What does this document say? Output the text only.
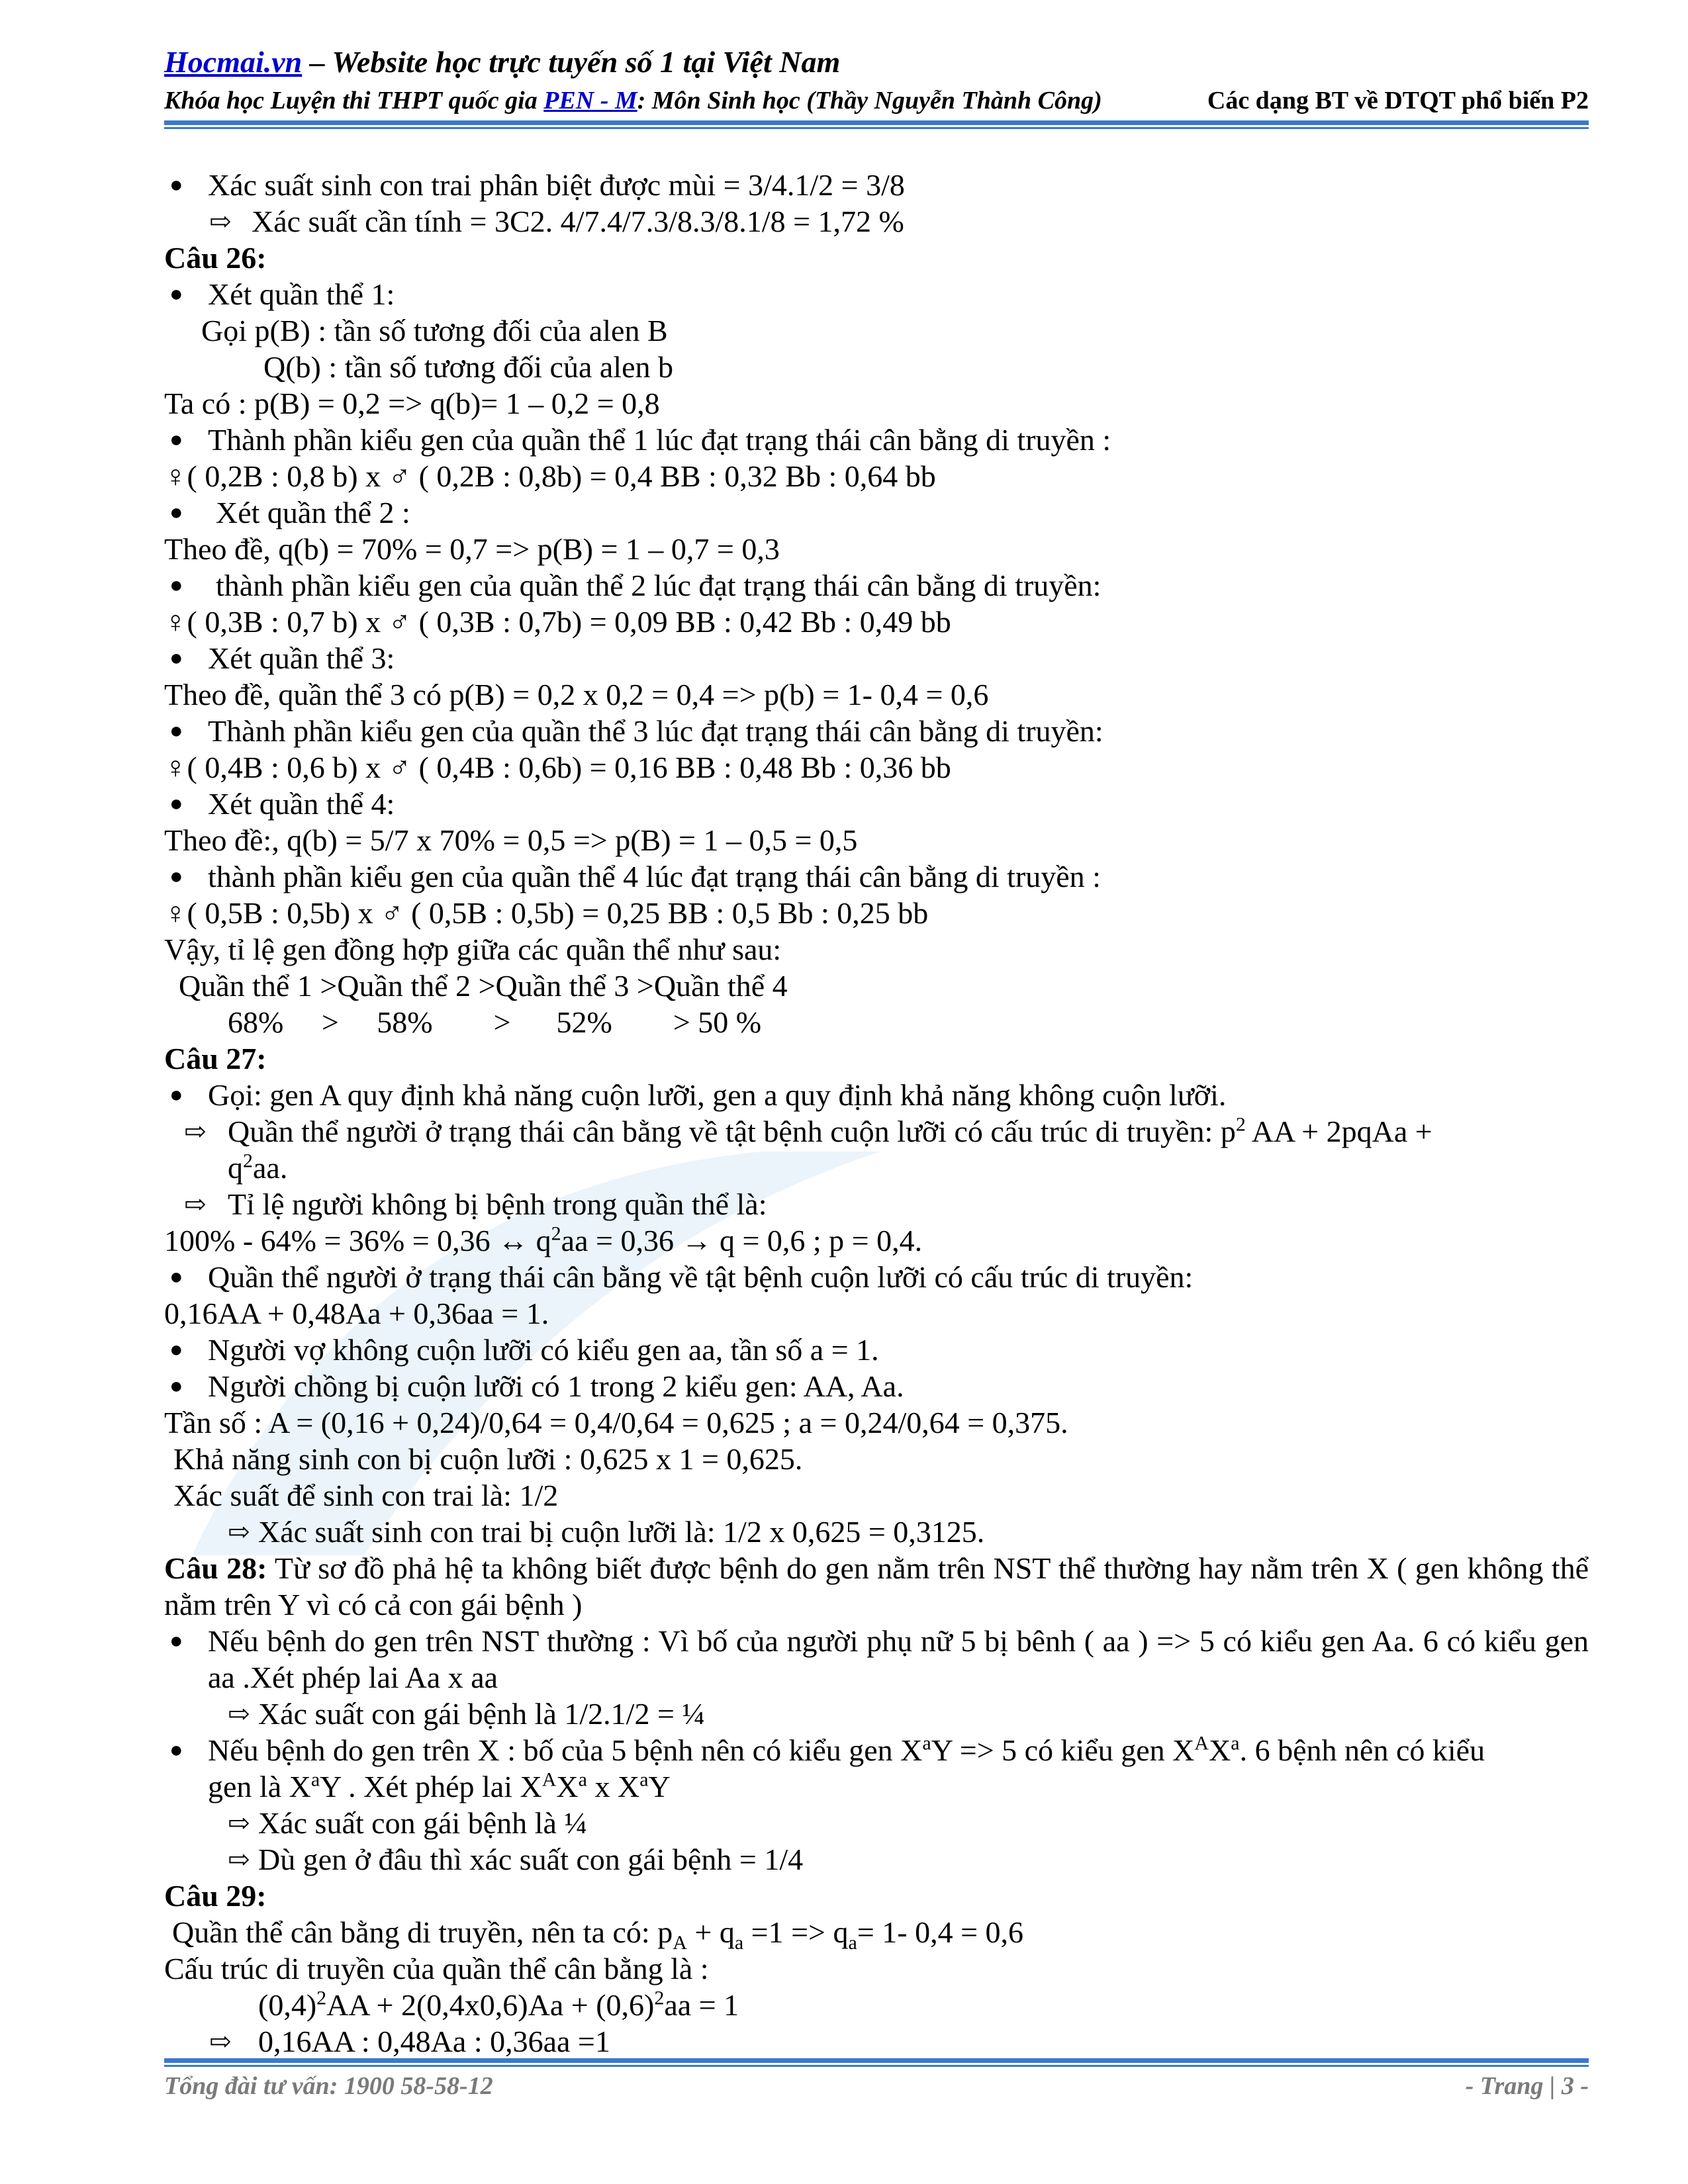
Hocmai.vn – Website học trực tuyến số 1 tại Việt Nam
Khóa học Luyện thi THPT quốc gia PEN - M: Môn Sinh học (Thầy Nguyễn Thành Công)	Các dạng BT về DTQT phổ biến P2
● Xác suất sinh con trai phân biệt được mùi = 3/4.1/2 = 3/8
⇨ Xác suất cần tính = 3C2. 4/7.4/7.3/8.3/8.1/8 = 1,72 %
Câu 26:
● Xét quần thể 1:
Gọi p(B) : tần số tương đối của alen B
Q(b) : tần số tương đối của alen b
Ta có : p(B) = 0,2 => q(b)= 1 – 0,2 = 0,8
● Thành phần kiểu gen của quần thể 1 lúc đạt trạng thái cân bằng di truyền :
♀( 0,2B : 0,8 b) x ♂ ( 0,2B : 0,8b) = 0,4 BB : 0,32 Bb : 0,64 bb
● Xét quần thể 2 :
Theo đề, q(b) = 70% = 0,7 => p(B) = 1 – 0,7 = 0,3
● thành phần kiểu gen của quần thể 2 lúc đạt trạng thái cân bằng di truyền:
♀( 0,3B : 0,7 b) x ♂ ( 0,3B : 0,7b) = 0,09 BB : 0,42 Bb : 0,49 bb
● Xét quần thể 3:
Theo đề, quần thể 3 có p(B) = 0,2 x 0,2 = 0,4 => p(b) = 1- 0,4 = 0,6
● Thành phần kiểu gen của quần thể 3 lúc đạt trạng thái cân bằng di truyền:
♀( 0,4B : 0,6 b) x ♂ ( 0,4B : 0,6b) = 0,16 BB : 0,48 Bb : 0,36 bb
● Xét quần thể 4:
Theo đề:, q(b) = 5/7 x 70% = 0,5 => p(B) = 1 – 0,5 = 0,5
● thành phần kiểu gen của quần thể 4 lúc đạt trạng thái cân bằng di truyền :
♀( 0,5B : 0,5b) x ♂ ( 0,5B : 0,5b) = 0,25 BB : 0,5 Bb : 0,25 bb
Vậy, tỉ lệ gen đồng hợp giữa các quần thể như sau:
Quần thể 1 >Quần thể 2 >Quần thể 3 >Quần thể 4
68%     >     58%        >      52%        > 50 %
Câu 27:
● Gọi: gen A quy định khả năng cuộn lưỡi, gen a quy định khả năng không cuộn lưỡi.
⇨ Quần thể người ở trạng thái cân bằng về tật bệnh cuộn lưỡi có cấu trúc di truyền: $p^2$ AA + 2pqAa +
$q^2aa$.
⇨ Tỉ lệ người không bị bệnh trong quần thể là:
100% - 64% = 36% = 0,36 ↔ $q^2aa = 0,36 \to q = 0,6$ ; p = 0,4.
● Quần thể người ở trạng thái cân bằng về tật bệnh cuộn lưỡi có cấu trúc di truyền:
0,16AA + 0,48Aa + 0,36aa = 1.
● Người vợ không cuộn lưỡi có kiểu gen aa, tần số a = 1.
● Người chồng bị cuộn lưỡi có 1 trong 2 kiểu gen: AA, Aa.
Tần số : A = (0,16 + 0,24)/0,64 = 0,4/0,64 = 0,625 ; a = 0,24/0,64 = 0,375.
Khả năng sinh con bị cuộn lưỡi : 0,625 x 1 = 0,625.
Xác suất để sinh con trai là: 1/2
⇨ Xác suất sinh con trai bị cuộn lưỡi là: 1/2 x 0,625 = 0,3125.
Câu 28: Từ sơ đồ phả hệ ta không biết được bệnh do gen nằm trên NST thể thường hay nằm trên X ( gen không thể nằm trên Y vì có cả con gái bệnh )
● Nếu bệnh do gen trên NST thường : Vì bố của người phụ nữ 5 bị bênh ( aa ) => 5 có kiểu gen Aa. 6 có kiểu gen aa .Xét phép lai Aa x aa
⇨ Xác suất con gái bệnh là 1/2.1/2 = ¼
● Nếu bệnh do gen trên X : bố của 5 bệnh nên có kiểu gen $X^aY => 5$ có kiểu gen $X^AX^a$. 6 bệnh nên có kiểu
gen là $X^aY$ . Xét phép lai $X^AX^a$ x $X^aY$
⇨ Xác suất con gái bệnh là ¼
⇨ Dù gen ở đâu thì xác suất con gái bệnh = 1/4
Câu 29:
Quần thể cân bằng di truyền, nên ta có: $p_A + q_a =1 => q_a= 1-$ 0,4 = 0,6
Cấu trúc di truyền của quần thể cân bằng là :
$(0,4)^2AA + 2(0,4x0,6)Aa + (0,6)^2aa = 1$
⇨ 0,16AA : 0,48Aa : 0,36aa =1
Tổng đài tư vấn: 1900 58-58-12	- Trang | 3 -
